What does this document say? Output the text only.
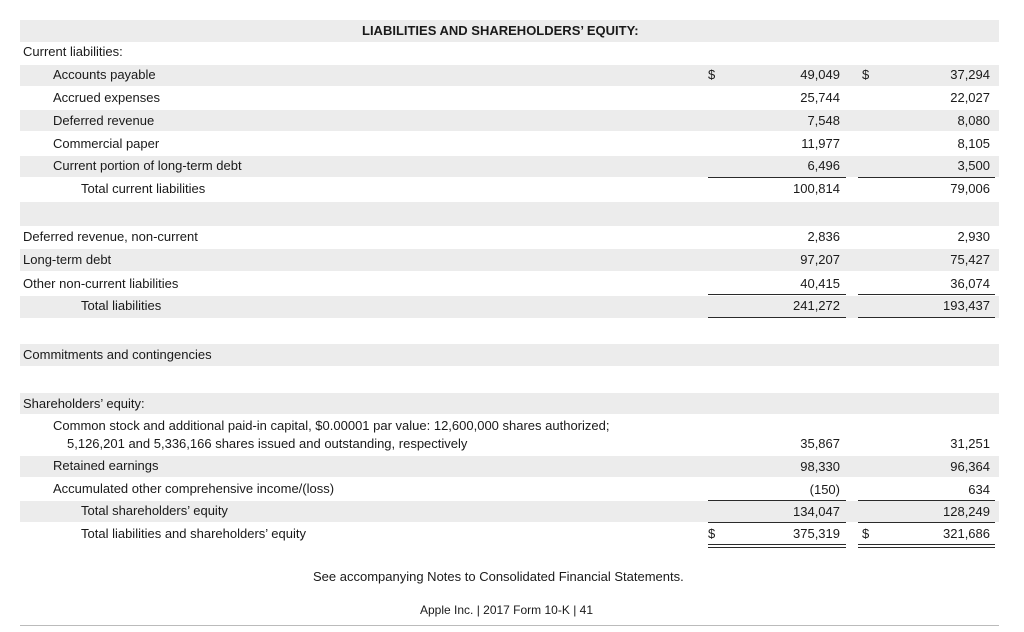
LIABILITIES AND SHAREHOLDERS’ EQUITY:
Current liabilities:
Accounts payable	$	49,049 $	37,294
Accrued expenses	25,744	22,027
Deferred revenue	7,548	8,080
Commercial paper	11,977	8,105
Current portion of long-term debt	6,496	3,500
Total current liabilities	100,814	79,006
Deferred revenue, non-current	2,836	2,930
Long-term debt	97,207	75,427
Other non-current liabilities	40,415	36,074
Total liabilities	241,272	193,437
Commitments and contingencies
Shareholders’ equity:
Common stock and additional paid-in capital, $0.00001 par value: 12,600,000 shares authorized;
5,126,201 and 5,336,166 shares issued and outstanding, respectively	35,867	31,251
Retained earnings	98,330	96,364
Accumulated other comprehensive income/(loss)	(150)	634
Total shareholders’ equity	134,047	128,249
Total liabilities and shareholders’ equity	$	375,319 $	321,686
See accompanying Notes to Consolidated Financial Statements.
Apple Inc. | 2017 Form 10-K | 41
